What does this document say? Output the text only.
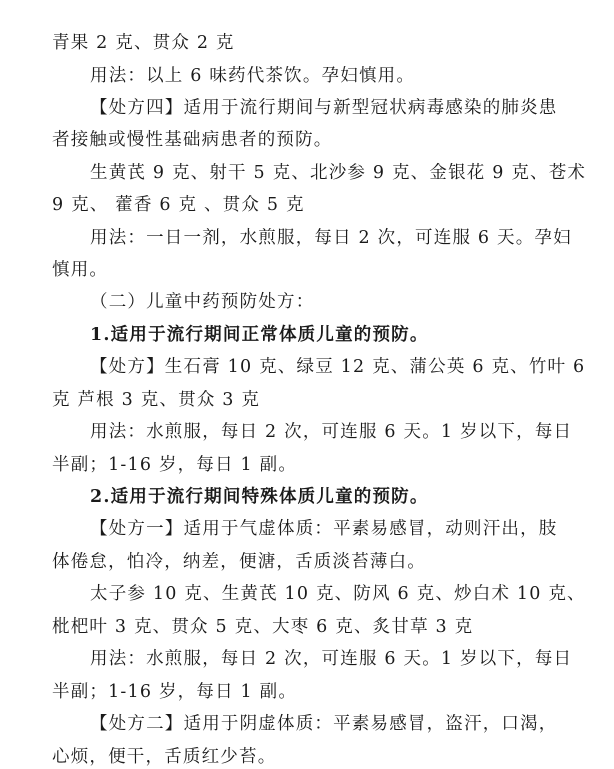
青果 2 克、贯众 2 克
用法：以上 6 味药代茶饮。孕妇慎用。
【处方四】适用于流行期间与新型冠状病毒感染的肺炎患
者接触或慢性基础病患者的预防。
生黄芪 9 克、射干 5 克、北沙参 9 克、金银花 9 克、苍术
9 克、 藿香 6 克 、贯众 5 克
用法：一日一剂，水煎服，每日 2 次，可连服 6 天。孕妇
慎用。
（二）儿童中药预防处方：
1.适用于流行期间正常体质儿童的预防。
【处方】生石膏 10 克、绿豆 12 克、蒲公英 6 克、竹叶 6
克 芦根 3 克、贯众 3 克
用法：水煎服，每日 2 次，可连服 6 天。1 岁以下，每日
半副；1-16 岁，每日 1 副。
2.适用于流行期间特殊体质儿童的预防。
【处方一】适用于气虚体质：平素易感冒，动则汗出，肢
体倦怠，怕冷，纳差，便溏，舌质淡苔薄白。
太子参 10 克、生黄芪 10 克、防风 6 克、炒白术 10 克、
枇杷叶 3 克、贯众 5 克、大枣 6 克、炙甘草 3 克
用法：水煎服，每日 2 次，可连服 6 天。1 岁以下，每日
半副；1-16 岁，每日 1 副。
【处方二】适用于阴虚体质：平素易感冒，盗汗，口渴，
心烦，便干，舌质红少苔。
